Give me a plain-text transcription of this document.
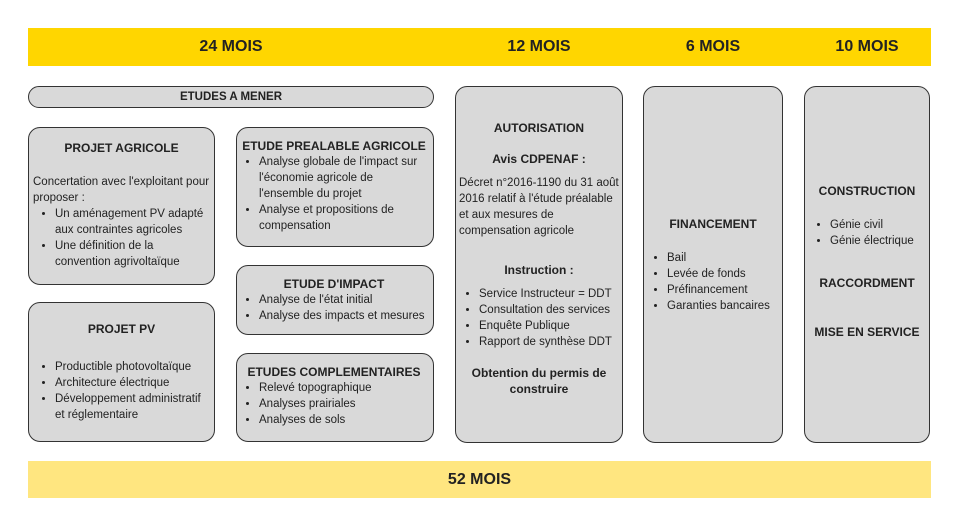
24 MOIS	12 MOIS	6 MOIS	10 MOIS
ETUDES A MENER
PROJET AGRICOLE

Concertation avec l'exploitant pour proposer :

• Un aménagement PV adapté aux contraintes agricoles
• Une définition de la convention agrivoltaïque
PROJET PV
• Productible photovoltaïque
• Architecture électrique
• Développement administratif et réglementaire
ETUDE PREALABLE AGRICOLE
• Analyse globale de l'impact sur l'économie agricole de l'ensemble du projet
• Analyse et propositions de compensation
ETUDE D'IMPACT
• Analyse de l'état initial
• Analyse des impacts et mesures
ETUDES COMPLEMENTAIRES
• Relevé topographique
• Analyses prairiales
• Analyses de sols
AUTORISATION
Avis CDPENAF :

Décret n°2016-1190 du 31 août 2016 relatif à l'étude préalable et aux mesures de compensation agricole

Instruction :
• Service Instructeur = DDT
• Consultation des services
• Enquête Publique
• Rapport de synthèse DDT
Obtention du permis de construire
FINANCEMENT
• Bail
• Levée de fonds
• Préfinancement
• Garanties bancaires
CONSTRUCTION
• Génie civil
• Génie électrique
RACCORDMENT
MISE EN SERVICE
52 MOIS
